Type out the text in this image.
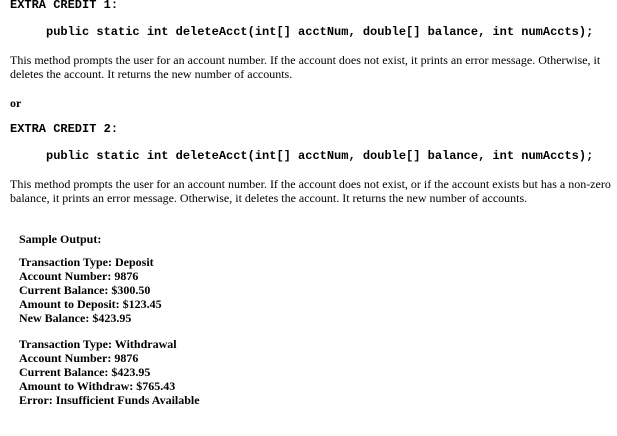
EXTRA CREDIT 1:
public static int deleteAcct(int[] acctNum, double[] balance, int numAccts);
This method prompts the user for an account number. If the account does not exist, it prints an error message. Otherwise, it deletes the account. It returns the new number of accounts.
or
EXTRA CREDIT 2:
public static int deleteAcct(int[] acctNum, double[] balance, int numAccts);
This method prompts the user for an account number. If the account does not exist, or if the account exists but has a non-zero balance, it prints an error message. Otherwise, it deletes the account. It returns the new number of accounts.
Sample Output:
Transaction Type: Deposit
Account Number: 9876
Current Balance: $300.50
Amount to Deposit: $123.45
New Balance: $423.95
Transaction Type: Withdrawal
Account Number: 9876
Current Balance: $423.95
Amount to Withdraw: $765.43
Error: Insufficient Funds Available
